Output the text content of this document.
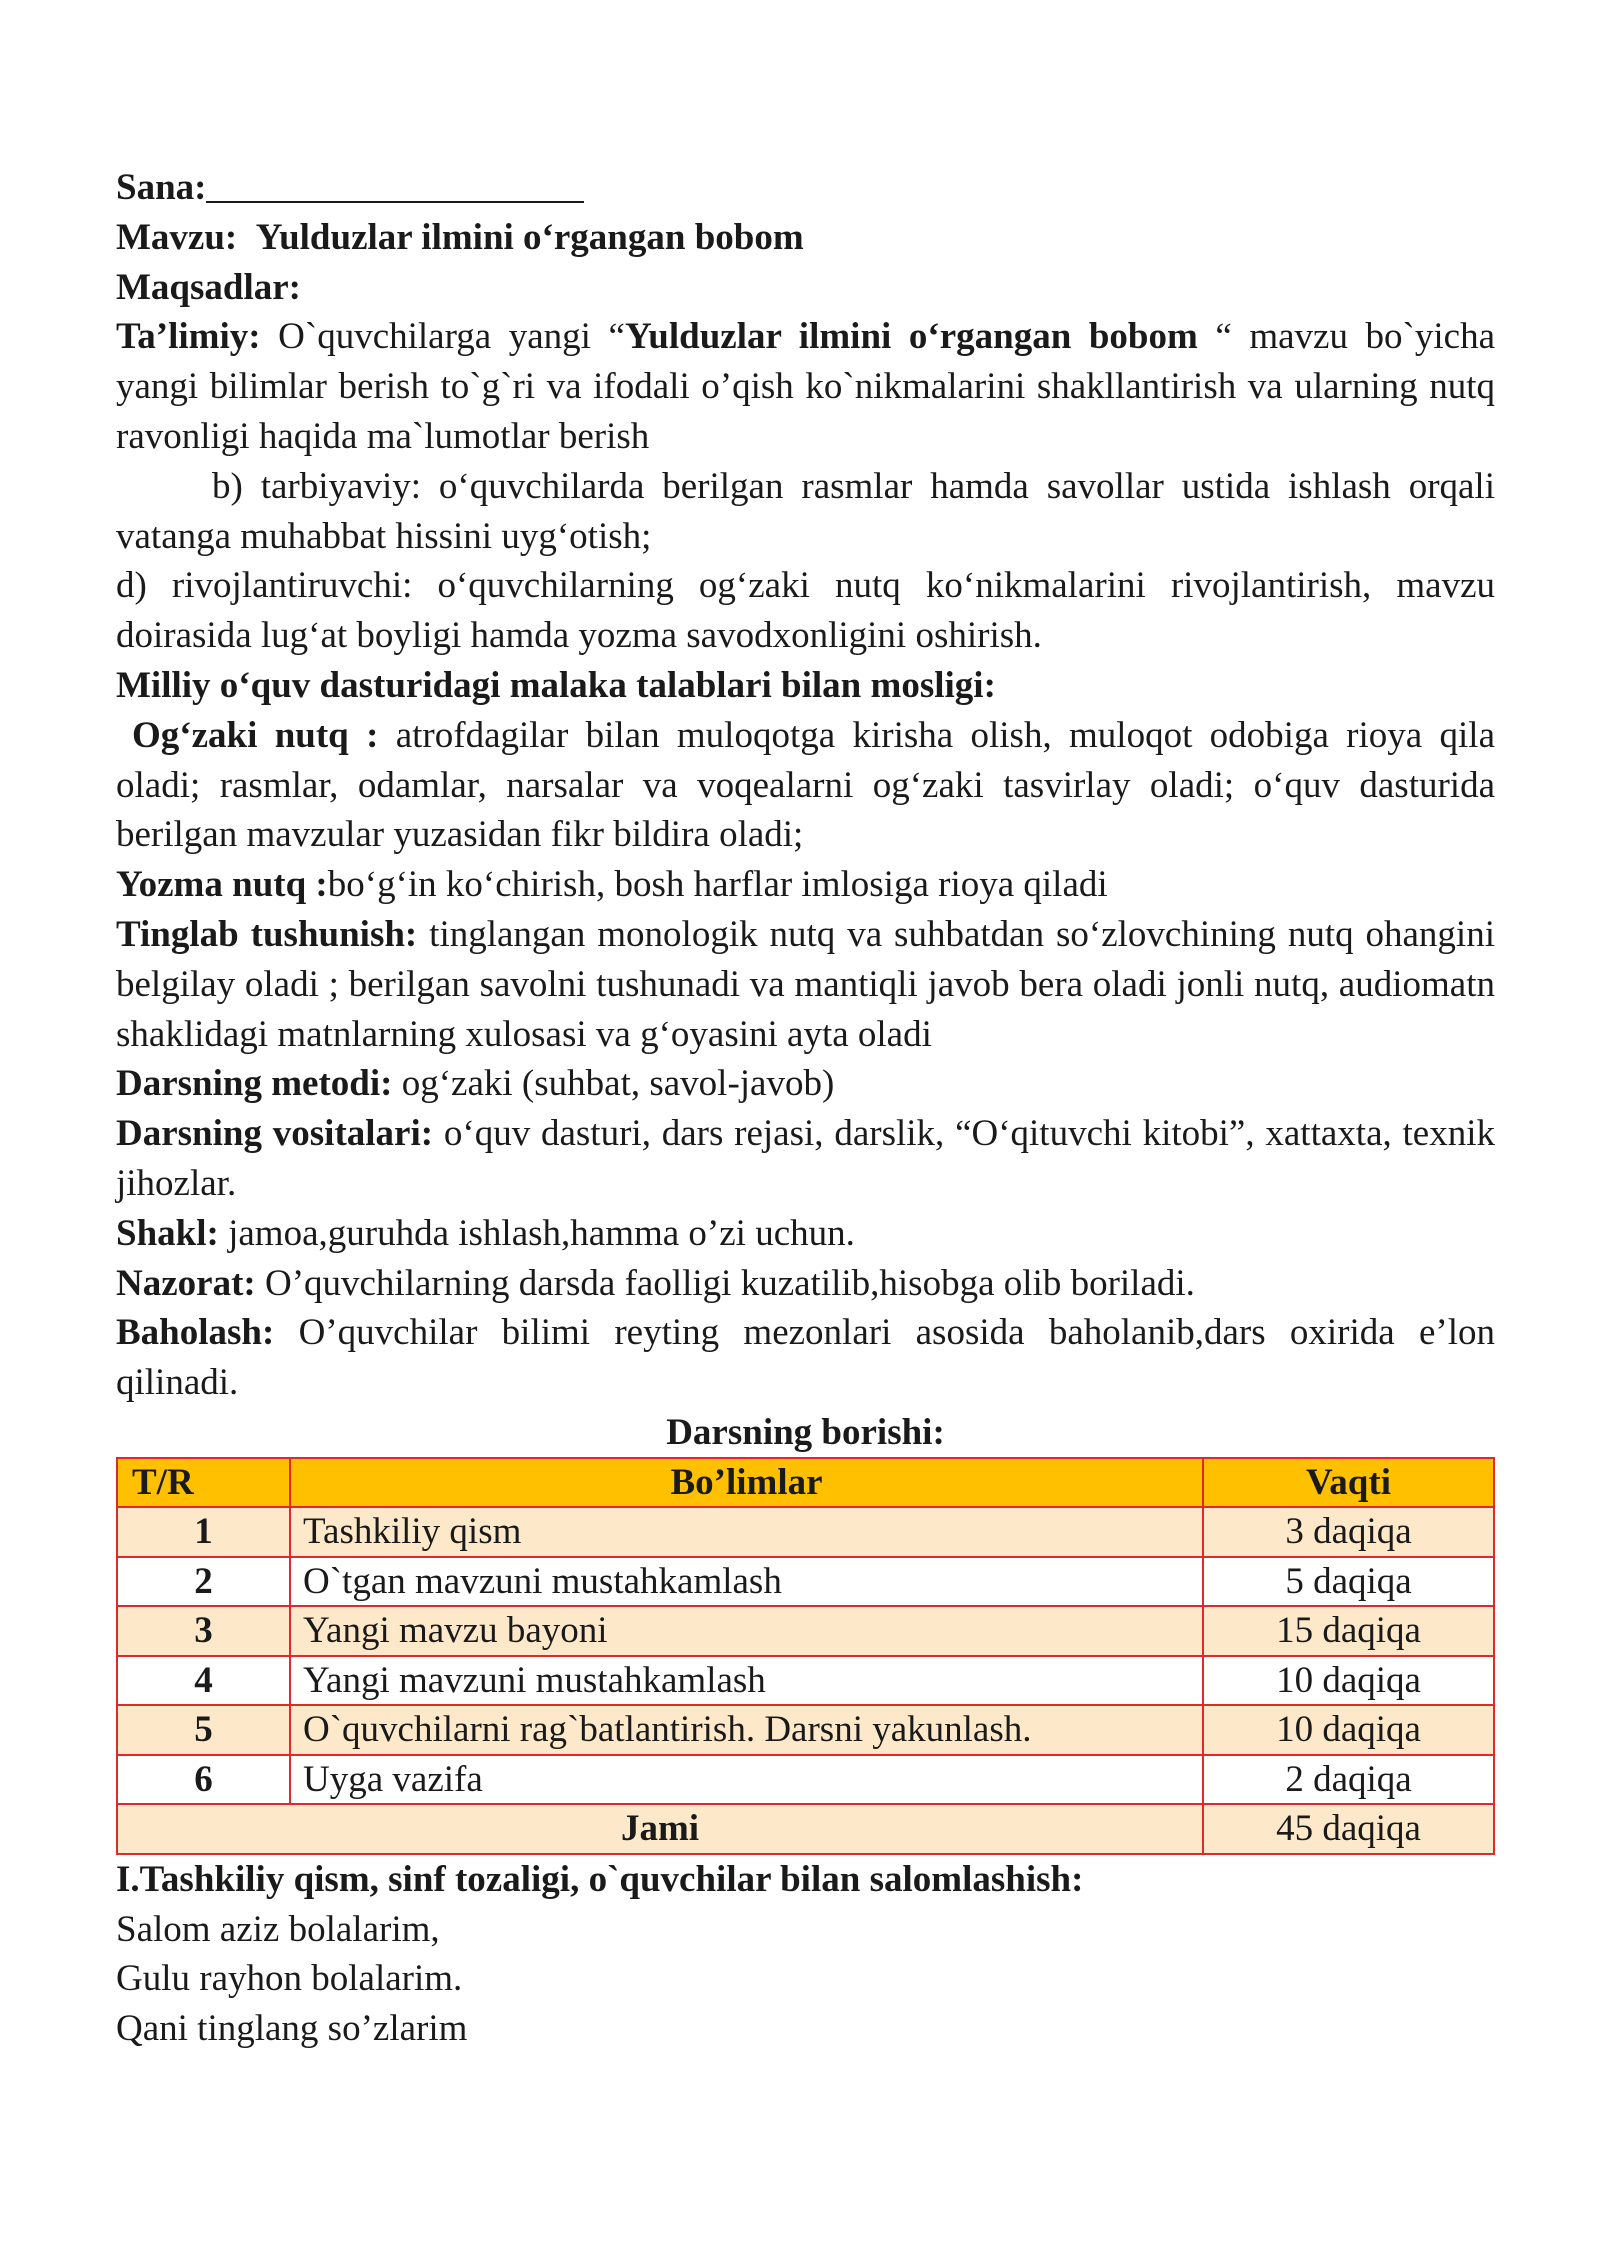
Sana:

Mavzu: Yulduzlar ilmini o‘rgangan bobom

Maqsadlar:

Ta’limiy: O`quvchilarga yangi “Yulduzlar ilmini o‘rgangan bobom “ mavzu bo`yicha yangi bilimlar berish to`g`ri va ifodali o’qish ko`nikmalarini shakllantirish va ularning nutq ravonligi haqida ma`lumotlar berish

b) tarbiyaviy: o‘quvchilarda berilgan rasmlar hamda savollar ustida ishlash orqali vatanga muhabbat hissini uyg‘otish;

d) rivojlantiruvchi: o‘quvchilarning og‘zaki nutq ko‘nikmalarini rivojlantirish, mavzu doirasida lug‘at boyligi hamda yozma savodxonligini oshirish.

Milliy o‘quv dasturidagi malaka talablari bilan mosligi:

Og‘zaki nutq : atrofdagilar bilan muloqotga kirisha olish, muloqot odobiga rioya qila oladi; rasmlar, odamlar, narsalar va voqealarni og‘zaki tasvirlay oladi; o‘quv dasturida berilgan mavzular yuzasidan fikr bildira oladi;

Yozma nutq :bo‘g‘in ko‘chirish, bosh harflar imlosiga rioya qiladi

Tinglab tushunish: tinglangan monologik nutq va suhbatdan so‘zlovchining nutq ohangini belgilay oladi ; berilgan savolni tushunadi va mantiqli javob bera oladi jonli nutq, audiomatn shaklidagi matnlarning xulosasi va g‘oyasini ayta oladi

Darsning metodi: og‘zaki (suhbat, savol-javob)

Darsning vositalari: o‘quv dasturi, dars rejasi, darslik, “O‘qituvchi kitobi”, xattaxta, texnik jihozlar.

Shakl: jamoa,guruhda ishlash,hamma o’zi uchun.

Nazorat: O’quvchilarning darsda faolligi kuzatilib,hisobga olib boriladi.

Baholash: O’quvchilar bilimi reyting mezonlari asosida baholanib,dars oxirida e’lon qilinadi.

Darsning borishi:

T/R	Bo’limlar	Vaqti
1	Tashkiliy qism	3 daqiqa
2	O`tgan mavzuni mustahkamlash	5 daqiqa
3	Yangi mavzu bayoni	15 daqiqa
4	Yangi mavzuni mustahkamlash	10 daqiqa
5	O`quvchilarni rag`batlantirish. Darsni yakunlash.	10 daqiqa
6	Uyga vazifa	2 daqiqa
Jami		45 daqiqa

I.Tashkiliy qism, sinf tozaligi, o`quvchilar bilan salomlashish:

Salom aziz bolalarim,

Gulu rayhon bolalarim.

Qani tinglang so’zlarim
